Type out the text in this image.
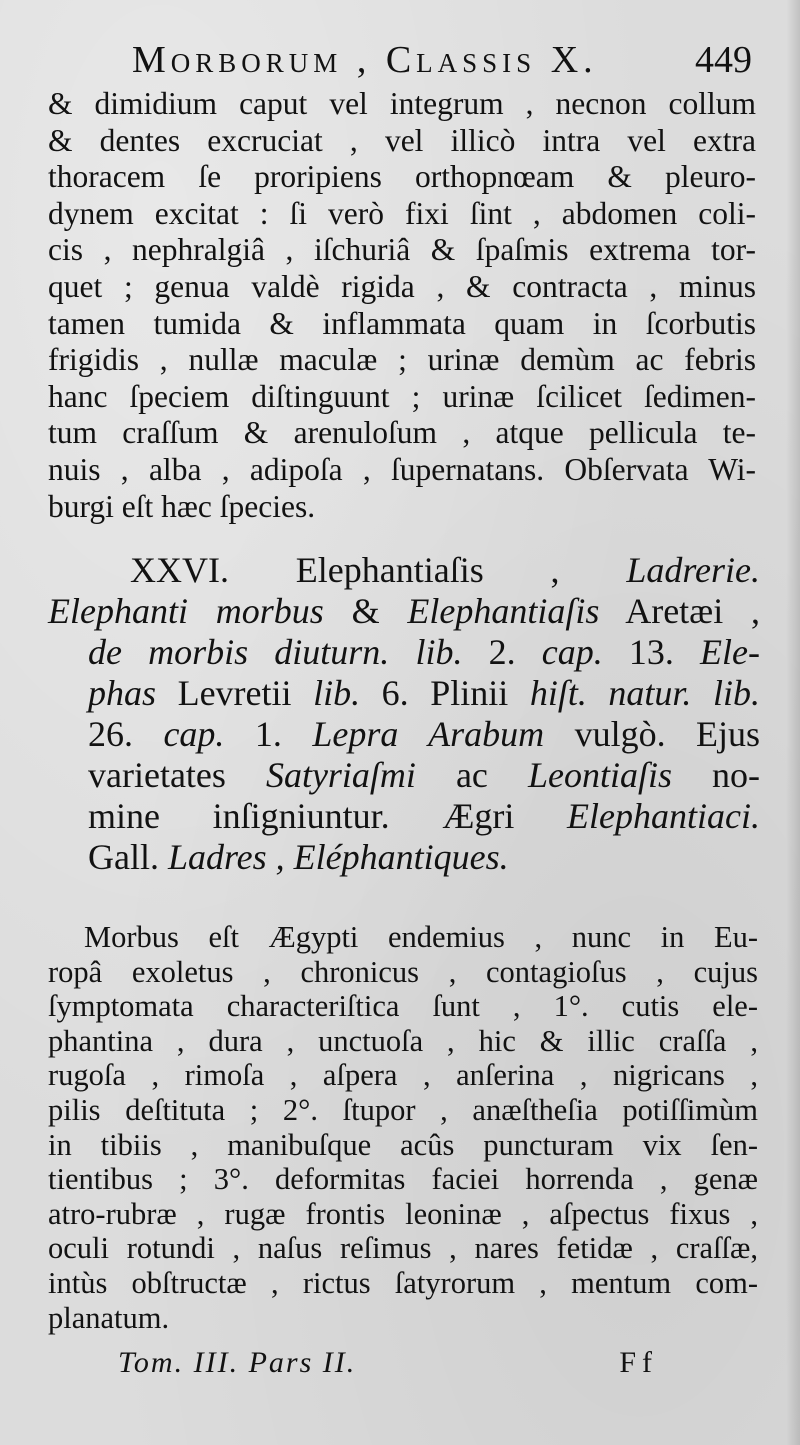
Morborum , Classis X.	449
& dimidium caput vel integrum , necnon collum
& dentes excruciat , vel illicò intra vel extra
thoracem ſe proripiens orthopnœam & pleuro-
dynem excitat : ſi verò fixi ſint , abdomen coli-
cis , nephralgiâ , iſchuriâ & ſpaſmis extrema tor-
quet ; genua valdè rigida , & contracta , minus
tamen tumida & inflammata quam in ſcorbutis
frigidis , nullæ maculæ ; urinæ demùm ac febris
hanc ſpeciem diſtinguunt ; urinæ ſcilicet ſedimen-
tum craſſum & arenuloſum , atque pellicula te-
nuis , alba , adipoſa , ſupernatans. Obſervata Wi-
burgi eſt hæc ſpecies.
XXVI. Elephantiaſis , Ladrerie.
Elephanti morbus & Elephantiaſis Aretæi ,
de morbis diuturn. lib. 2. cap. 13. Ele-
phas Levretii lib. 6. Plinii hiſt. natur. lib.
26. cap. 1. Lepra Arabum vulgò. Ejus
varietates Satyriaſmi ac Leontiaſis no-
mine inſigniuntur. Ægri Elephantiaci.
Gall. Ladres , Eléphantiques.
Morbus eſt Ægypti endemius , nunc in Eu-
ropâ exoletus , chronicus , contagioſus , cujus
ſymptomata characteriſtica ſunt , 1°. cutis ele-
phantina , dura , unctuoſa , hic & illic craſſa ,
rugoſa , rimoſa , aſpera , anſerina , nigricans ,
pilis deſtituta ; 2°. ſtupor , anæſtheſia potiſſimùm
in tibiis , manibuſque acûs puncturam vix ſen-
tientibus ; 3°. deformitas faciei horrenda , genæ
atro-rubræ , rugæ frontis leoninæ , aſpectus fixus ,
oculi rotundi , naſus reſimus , nares fetidæ , craſſæ,
intùs obſtructæ , rictus ſatyrorum , mentum com-
planatum.
Tom. III. Pars II.	Ff
